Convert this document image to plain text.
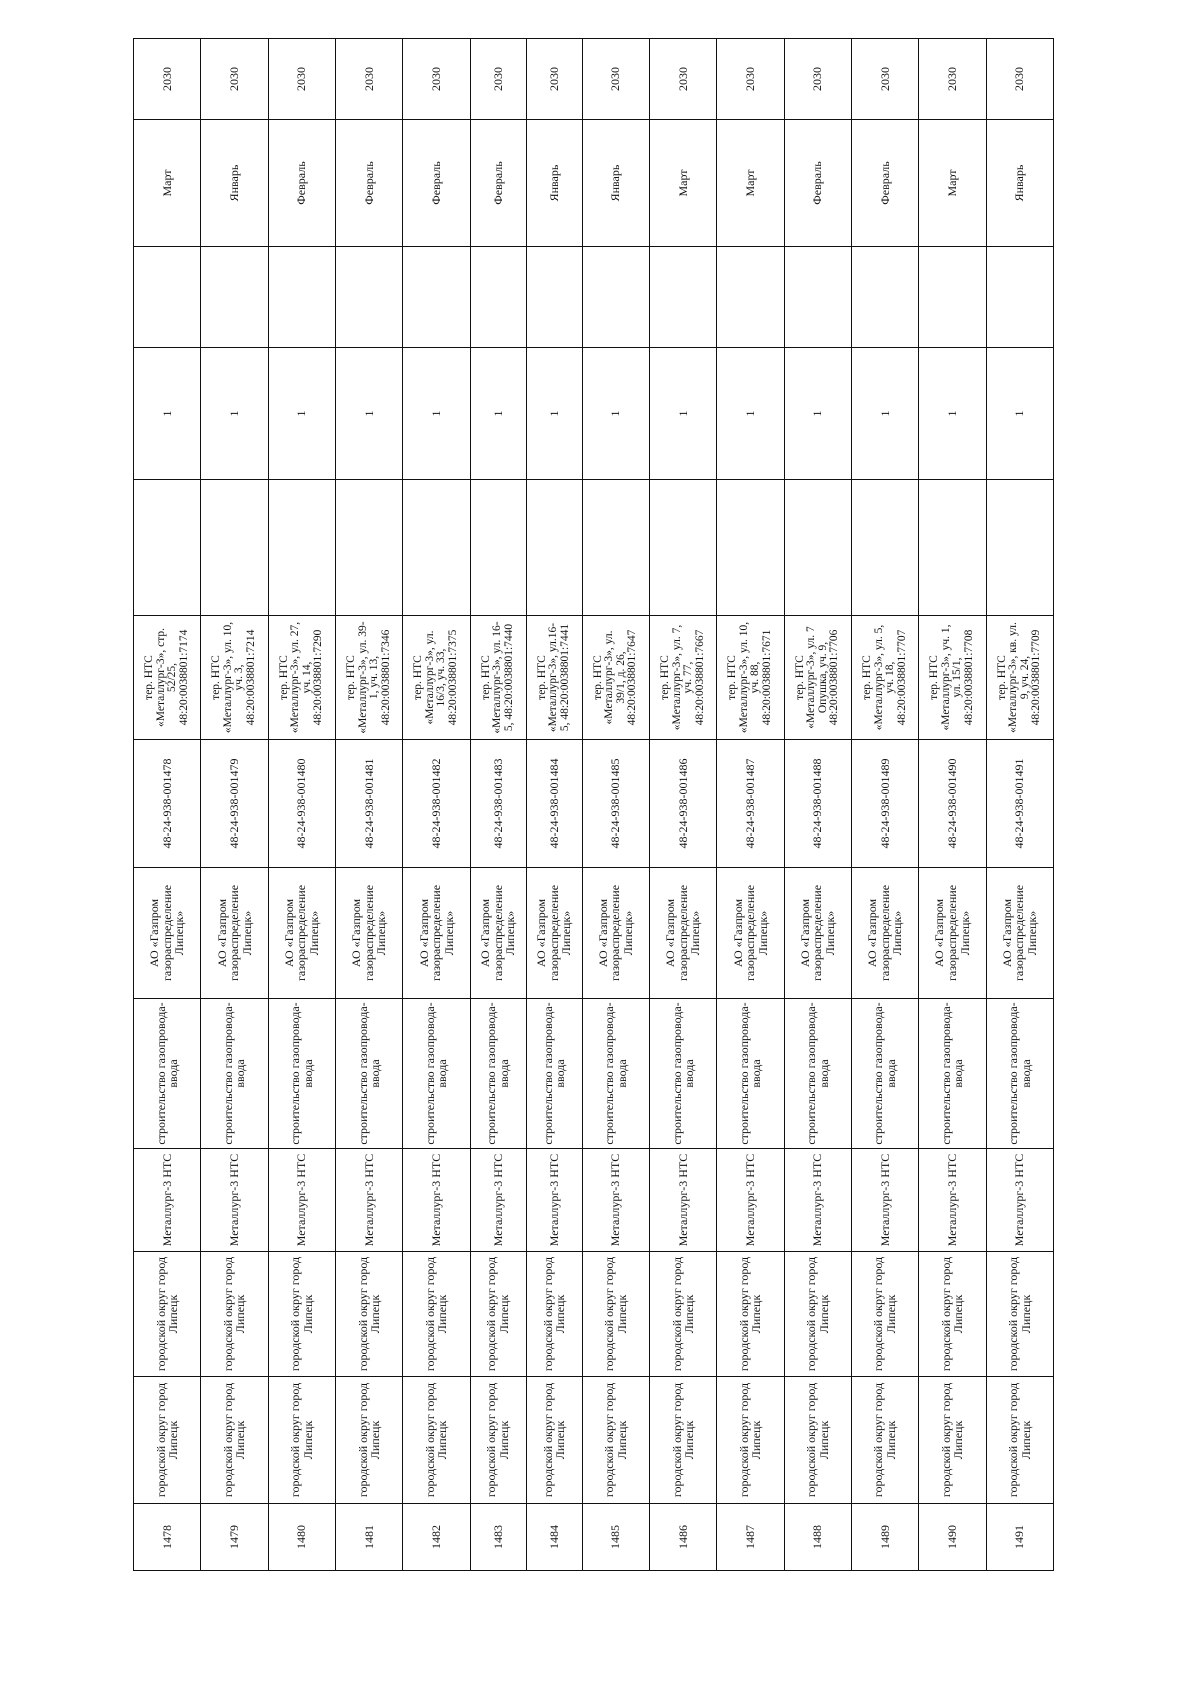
1478	городской округ город Липецк	городской округ город Липецк	Металлург-3 НТС	строительство газопровода-ввода	АО «Газпром газораспределение Липецк»	48-24-938-001478	тер. НТС «Металлург-3», стр. 52/25, 48:20:0038801:7174		1		Март	2030
1479	городской округ город Липецк	городской округ город Липецк	Металлург-3 НТС	строительство газопровода-ввода	АО «Газпром газораспределение Липецк»	48-24-938-001479	тер. НТС «Металлург-3», ул. 10, уч. 3, 48:20:0038801:7214		1		Январь	2030
1480	городской округ город Липецк	городской округ город Липецк	Металлург-3 НТС	строительство газопровода-ввода	АО «Газпром газораспределение Липецк»	48-24-938-001480	тер. НТС «Металлург-3», ул. 27, уч. 14, 48:20:0038801:7290		1		Февраль	2030
1481	городской округ город Липецк	городской округ город Липецк	Металлург-3 НТС	строительство газопровода-ввода	АО «Газпром газораспределение Липецк»	48-24-938-001481	тер. НТС «Металлург-3», ул. 39-1, уч. 13, 48:20:0038801:7346		1		Февраль	2030
1482	городской округ город Липецк	городской округ город Липецк	Металлург-3 НТС	строительство газопровода-ввода	АО «Газпром газораспределение Липецк»	48-24-938-001482	тер. НТС «Металлург-3», ул. 16/3, уч. 33, 48:20:0038801:7375		1		Февраль	2030
1483	городской округ город Липецк	городской округ город Липецк	Металлург-3 НТС	строительство газопровода-ввода	АО «Газпром газораспределение Липецк»	48-24-938-001483	тер. НТС «Металлург-3», ул. 16-5, 48:20:0038801:7440		1		Февраль	2030
1484	городской округ город Липецк	городской округ город Липецк	Металлург-3 НТС	строительство газопровода-ввода	АО «Газпром газораспределение Липецк»	48-24-938-001484	тер. НТС «Металлург-3», ул.16-5, 48:20:0038801:7441		1		Январь	2030
1485	городской округ город Липецк	городской округ город Липецк	Металлург-3 НТС	строительство газопровода-ввода	АО «Газпром газораспределение Липецк»	48-24-938-001485	тер. НТС «Металлург-3», ул. 39/1, д. 26, 48:20:0038801:7647		1		Январь	2030
1486	городской округ город Липецк	городской округ город Липецк	Металлург-3 НТС	строительство газопровода-ввода	АО «Газпром газораспределение Липецк»	48-24-938-001486	тер. НТС «Металлург-3», ул. 7, уч. 77, 48:20:0038801:7667		1		Март	2030
1487	городской округ город Липецк	городской округ город Липецк	Металлург-3 НТС	строительство газопровода-ввода	АО «Газпром газораспределение Липецк»	48-24-938-001487	тер. НТС «Металлург-3», ул. 10, уч. 88, 48:20:0038801:7671		1		Март	2030
1488	городской округ город Липецк	городской округ город Липецк	Металлург-3 НТС	строительство газопровода-ввода	АО «Газпром газораспределение Липецк»	48-24-938-001488	тер. НТС «Металлург-3», ул. 7 Опушка, уч. 9, 48:20:0038801:7706		1		Февраль	2030
1489	городской округ город Липецк	городской округ город Липецк	Металлург-3 НТС	строительство газопровода-ввода	АО «Газпром газораспределение Липецк»	48-24-938-001489	тер. НТС «Металлург-3», ул. 5, уч. 18, 48:20:0038801:7707		1		Февраль	2030
1490	городской округ город Липецк	городской округ город Липецк	Металлург-3 НТС	строительство газопровода-ввода	АО «Газпром газораспределение Липецк»	48-24-938-001490	тер. НТС «Металлург-3», уч. 1, ул. 15/1, 48:20:0038801:7708		1		Март	2030
1491	городской округ город Липецк	городской округ город Липецк	Металлург-3 НТС	строительство газопровода-ввода	АО «Газпром газораспределение Липецк»	48-24-938-001491	тер. НТС «Металлург-3», кв. ул. 9, уч. 24, 48:20:0038801:7709		1		Январь	2030
